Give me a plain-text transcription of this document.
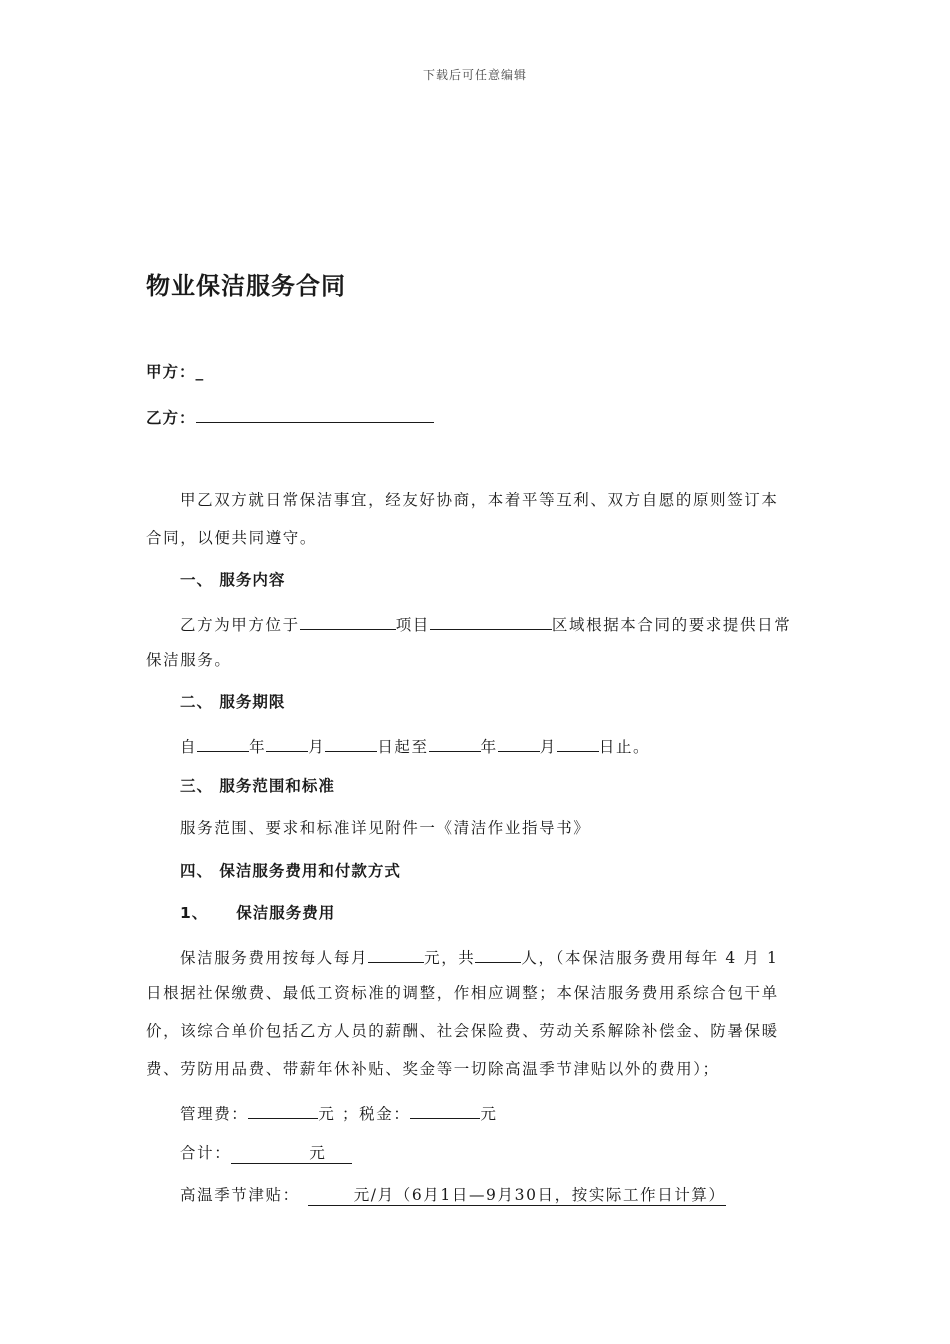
下载后可任意编辑
物业保洁服务合同
甲方：_
乙方：
甲乙双方就日常保洁事宜，经友好协商，本着平等互利、双方自愿的原则签订本
合同，以便共同遵守。
一、 服务内容
乙方为甲方位于	项目	区域根据本合同的要求提供日常
保洁服务。
二、 服务期限
自	年	月	日起至	年	月	日止。
三、 服务范围和标准
服务范围、要求和标准详见附件一《清洁作业指导书》
四、 保洁服务费用和付款方式
1、 保洁服务费用
保洁服务费用按每人每月	元，共	人，（本保洁服务费用每年 4 月 1
日根据社保缴费、最低工资标准的调整，作相应调整；本保洁服务费用系综合包干单
价，该综合单价包括乙方人员的薪酬、社会保险费、劳动关系解除补偿金、防暑保暖
费、劳防用品费、带薪年休补贴、奖金等一切除高温季节津贴以外的费用）；
管理费：	元 ；税金：	元
合计：	元
高温季节津贴：	元/月（6月1日—9月30日，按实际工作日计算）
